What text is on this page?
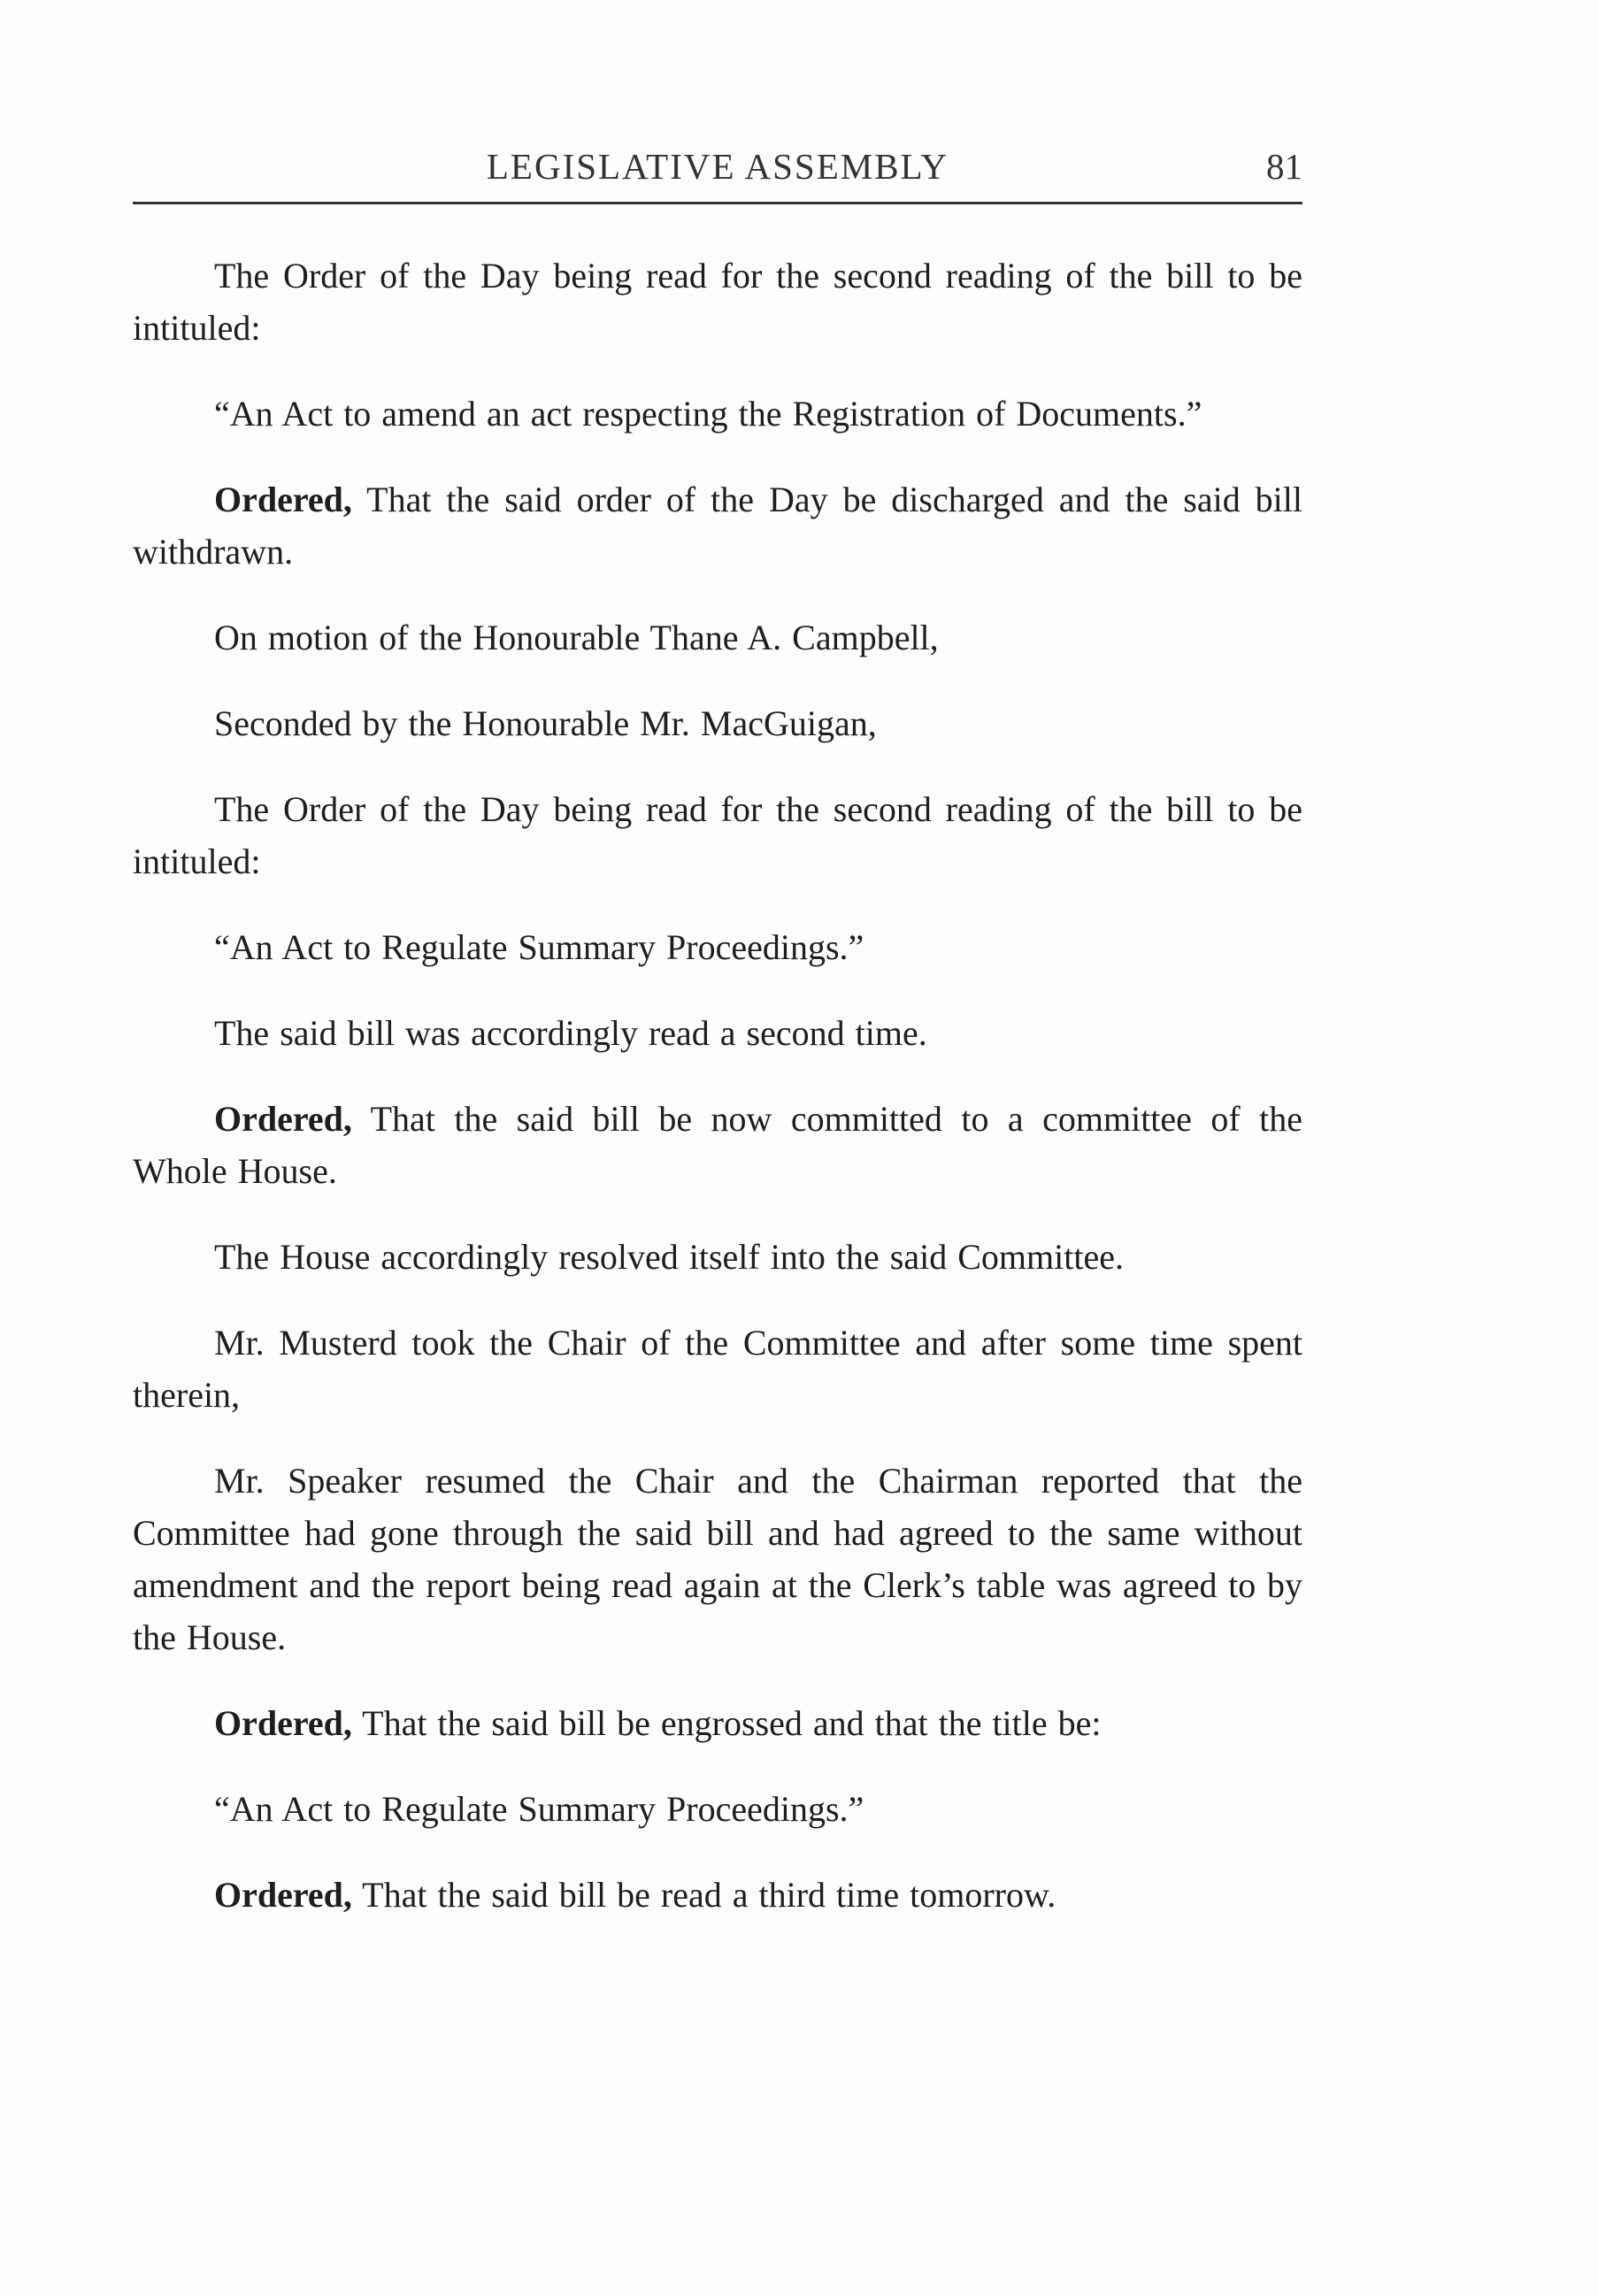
LEGISLATIVE ASSEMBLY	81

The Order of the Day being read for the second reading of the bill to be intituled:

“An Act to amend an act respecting the Registration of Documents.”

Ordered, That the said order of the Day be discharged and the said bill withdrawn.

On motion of the Honourable Thane A. Campbell,

Seconded by the Honourable Mr. MacGuigan,

The Order of the Day being read for the second reading of the bill to be intituled:

“An Act to Regulate Summary Proceedings.”

The said bill was accordingly read a second time.

Ordered, That the said bill be now committed to a committee of the Whole House.

The House accordingly resolved itself into the said Committee.

Mr. Musterd took the Chair of the Committee and after some time spent therein,

Mr. Speaker resumed the Chair and the Chairman reported that the Committee had gone through the said bill and had agreed to the same without amendment and the report being read again at the Clerk’s table was agreed to by the House.

Ordered, That the said bill be engrossed and that the title be:

“An Act to Regulate Summary Proceedings.”

Ordered, That the said bill be read a third time tomorrow.
